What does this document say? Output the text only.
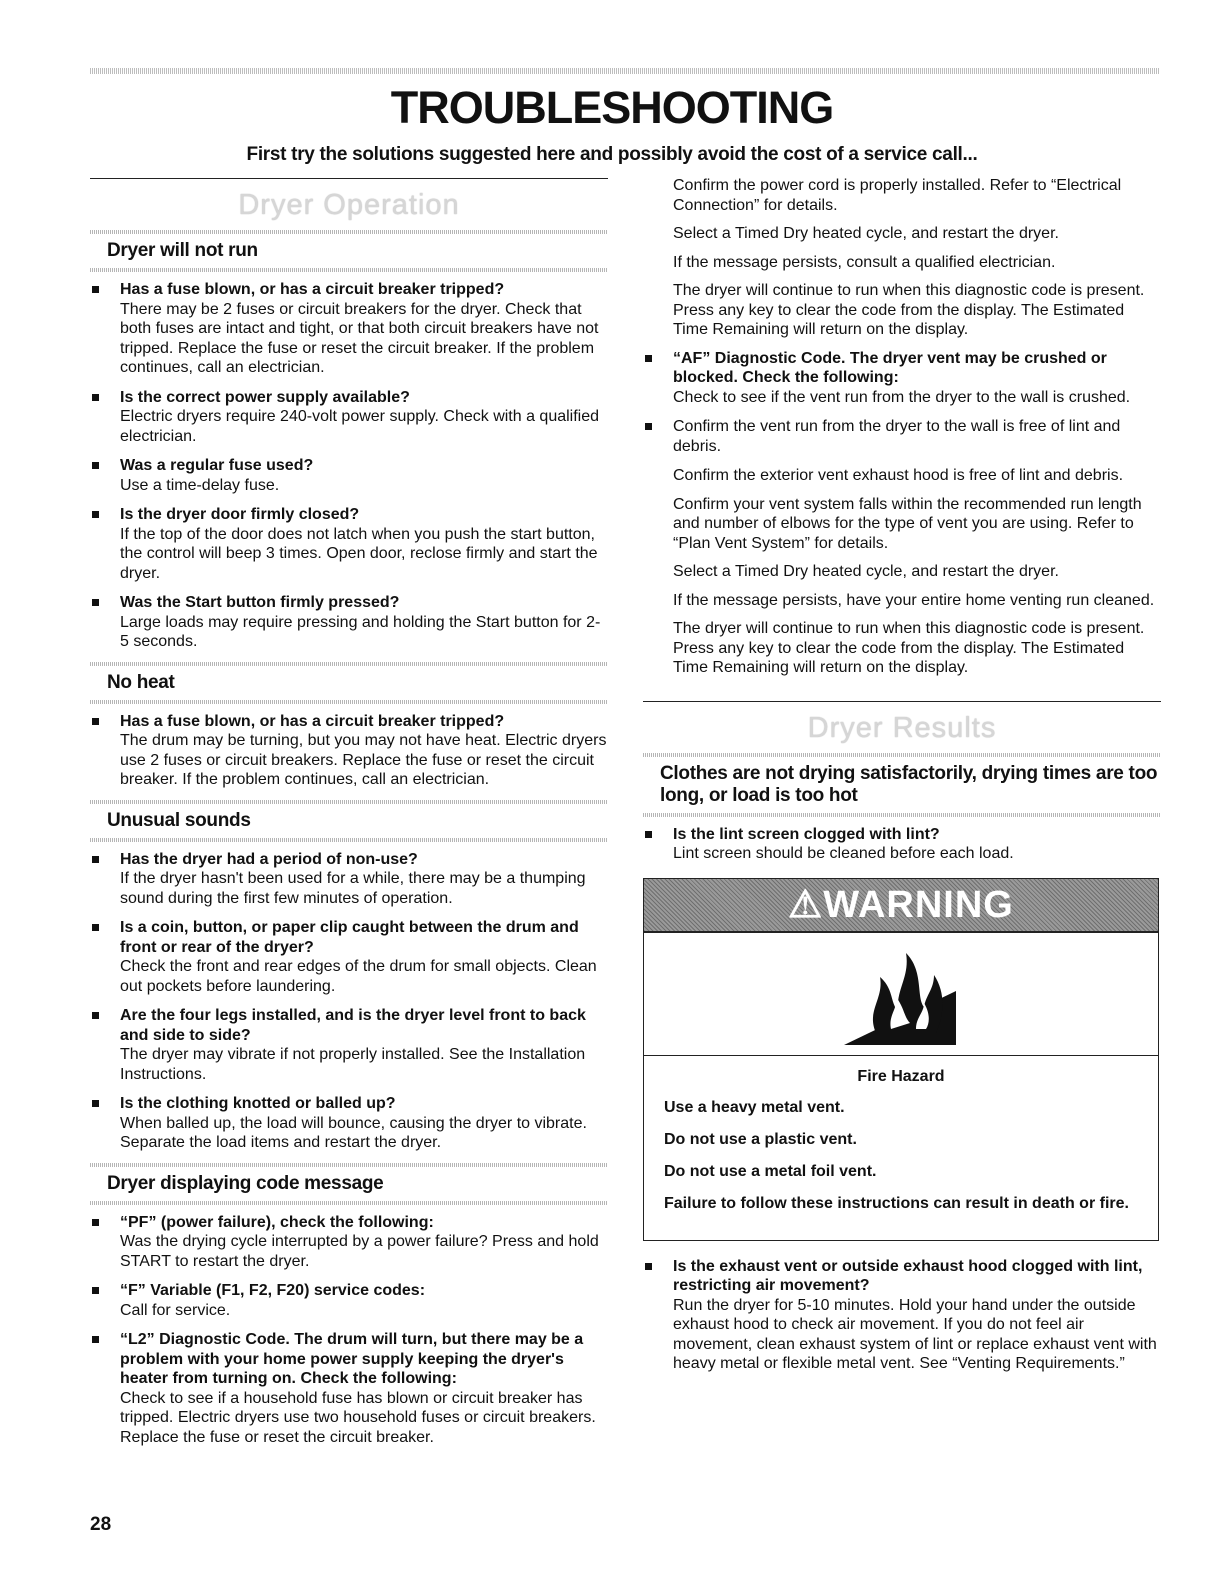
TROUBLESHOOTING

First try the solutions suggested here and possibly avoid the cost of a service call...

Dryer Operation
Dryer will not run
Has a fuse blown, or has a circuit breaker tripped?
There may be 2 fuses or circuit breakers for the dryer. Check that both fuses are intact and tight, or that both circuit breakers have not tripped. Replace the fuse or reset the circuit breaker. If the problem continues, call an electrician.
Is the correct power supply available?
Electric dryers require 240-volt power supply. Check with a qualified electrician.
Was a regular fuse used?
Use a time-delay fuse.
Is the dryer door firmly closed?
If the top of the door does not latch when you push the start button, the control will beep 3 times. Open door, reclose firmly and start the dryer.
Was the Start button firmly pressed?
Large loads may require pressing and holding the Start button for 2-5 seconds.
No heat
Has a fuse blown, or has a circuit breaker tripped?
The drum may be turning, but you may not have heat. Electric dryers use 2 fuses or circuit breakers. Replace the fuse or reset the circuit breaker. If the problem continues, call an electrician.
Unusual sounds
Has the dryer had a period of non-use?
If the dryer hasn't been used for a while, there may be a thumping sound during the first few minutes of operation.
Is a coin, button, or paper clip caught between the drum and front or rear of the dryer?
Check the front and rear edges of the drum for small objects. Clean out pockets before laundering.
Are the four legs installed, and is the dryer level front to back and side to side?
The dryer may vibrate if not properly installed. See the Installation Instructions.
Is the clothing knotted or balled up?
When balled up, the load will bounce, causing the dryer to vibrate. Separate the load items and restart the dryer.
Dryer displaying code message
“PF” (power failure), check the following:
Was the drying cycle interrupted by a power failure? Press and hold START to restart the dryer.
“F” Variable (F1, F2, F20) service codes:
Call for service.
“L2” Diagnostic Code. The drum will turn, but there may be a problem with your home power supply keeping the dryer's heater from turning on. Check the following:
Check to see if a household fuse has blown or circuit breaker has tripped. Electric dryers use two household fuses or circuit breakers. Replace the fuse or reset the circuit breaker.

Confirm the power cord is properly installed. Refer to “Electrical Connection” for details.

Select a Timed Dry heated cycle, and restart the dryer.

If the message persists, consult a qualified electrician.

The dryer will continue to run when this diagnostic code is present. Press any key to clear the code from the display. The Estimated Time Remaining will return on the display.

“AF” Diagnostic Code. The dryer vent may be crushed or blocked. Check the following:
Check to see if the vent run from the dryer to the wall is crushed.
Confirm the vent run from the dryer to the wall is free of lint and debris.

Confirm the exterior vent exhaust hood is free of lint and debris.

Confirm your vent system falls within the recommended run length and number of elbows for the type of vent you are using. Refer to “Plan Vent System” for details.

Select a Timed Dry heated cycle, and restart the dryer.

If the message persists, have your entire home venting run cleaned.

The dryer will continue to run when this diagnostic code is present. Press any key to clear the code from the display. The Estimated Time Remaining will return on the display.

Dryer Results
Clothes are not drying satisfactorily, drying times are too long, or load is too hot
Is the lint screen clogged with lint?
Lint screen should be cleaned before each load.
⚠WARNING
Fire Hazard
Use a heavy metal vent.
Do not use a plastic vent.
Do not use a metal foil vent.
Failure to follow these instructions can result in death or fire.
Is the exhaust vent or outside exhaust hood clogged with lint, restricting air movement?
Run the dryer for 5-10 minutes. Hold your hand under the outside exhaust hood to check air movement. If you do not feel air movement, clean exhaust system of lint or replace exhaust vent with heavy metal or flexible metal vent. See “Venting Requirements.”
28
